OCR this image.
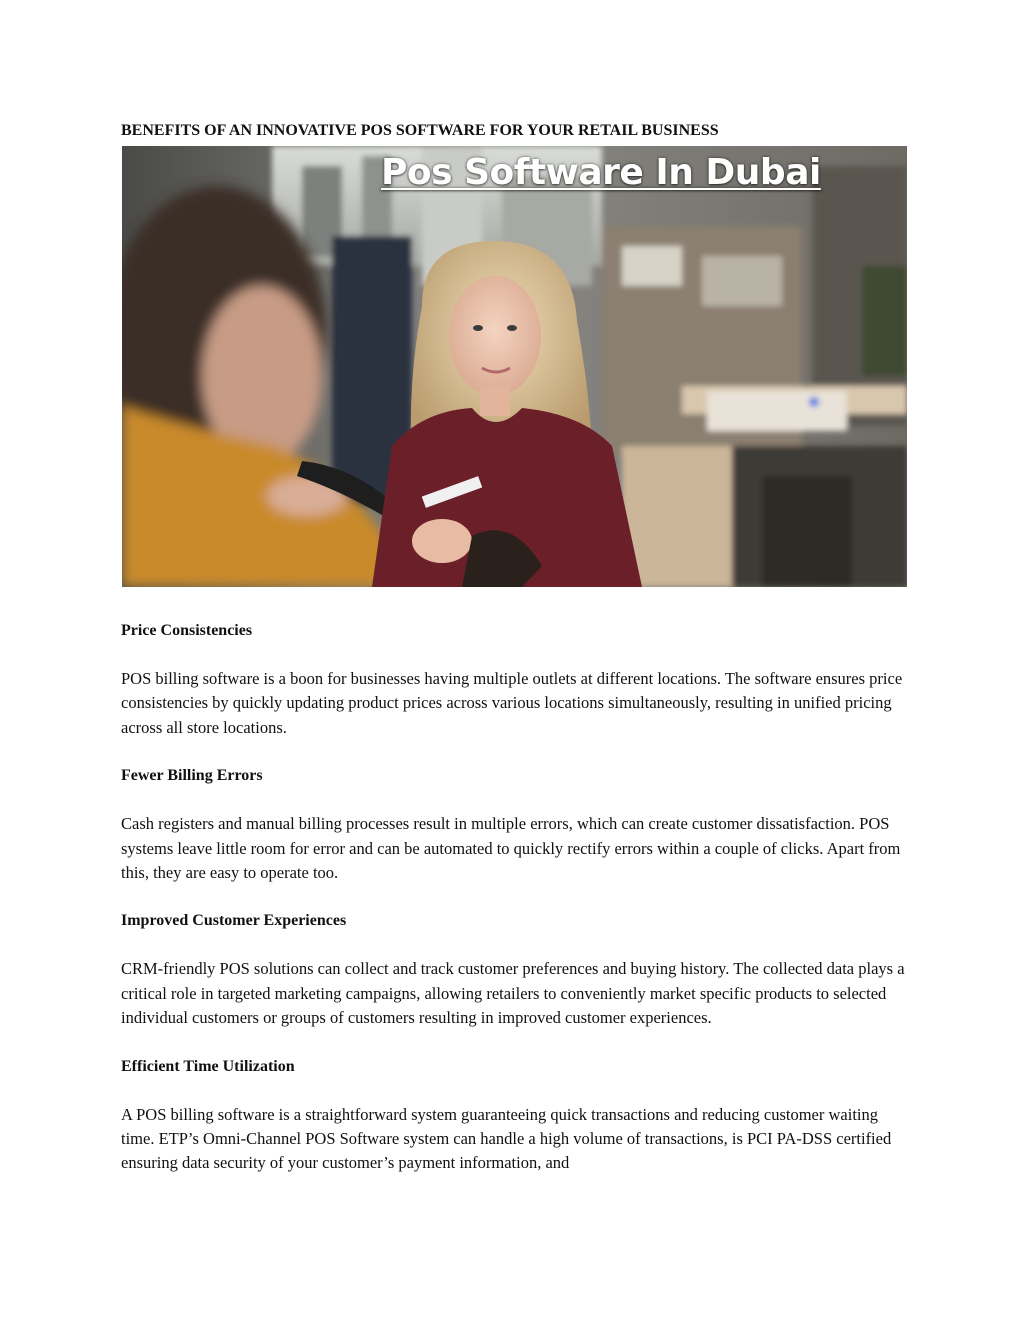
BENEFITS OF AN INNOVATIVE POS SOFTWARE FOR YOUR RETAIL BUSINESS
Pos Software In Dubai
Price Consistencies

POS billing software is a boon for businesses having multiple outlets at different locations. The software ensures price consistencies by quickly updating product prices across various locations simultaneously, resulting in unified pricing across all store locations.

Fewer Billing Errors

Cash registers and manual billing processes result in multiple errors, which can create customer dissatisfaction. POS systems leave little room for error and can be automated to quickly rectify errors within a couple of clicks. Apart from this, they are easy to operate too.

Improved Customer Experiences

CRM-friendly POS solutions can collect and track customer preferences and buying history. The collected data plays a critical role in targeted marketing campaigns, allowing retailers to conveniently market specific products to selected individual customers or groups of customers resulting in improved customer experiences.

Efficient Time Utilization

A POS billing software is a straightforward system guaranteeing quick transactions and reducing customer waiting time. ETP’s Omni-Channel POS Software system can handle a high volume of transactions, is PCI PA-DSS certified ensuring data security of your customer’s payment information, and
